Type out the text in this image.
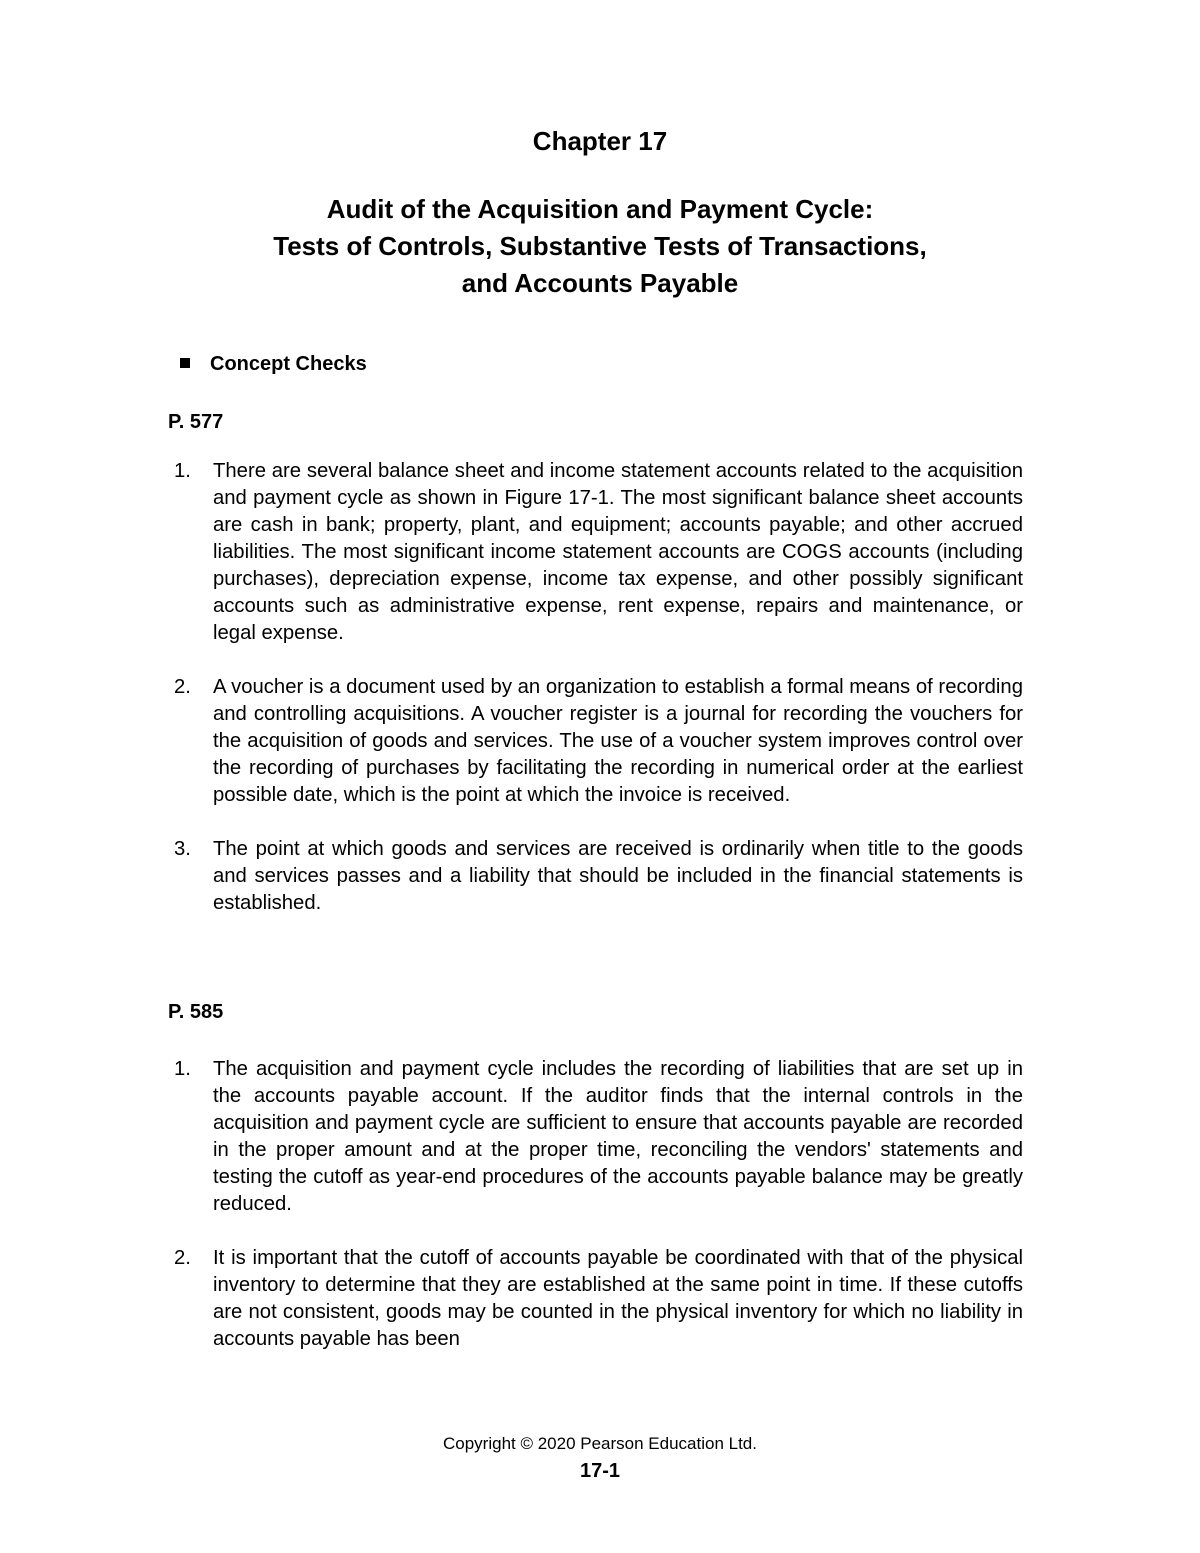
Chapter 17
Audit of the Acquisition and Payment Cycle:
Tests of Controls, Substantive Tests of Transactions,
and Accounts Payable
Concept Checks
P. 577
1. There are several balance sheet and income statement accounts related to the acquisition and payment cycle as shown in Figure 17-1. The most significant balance sheet accounts are cash in bank; property, plant, and equipment; accounts payable; and other accrued liabilities. The most significant income statement accounts are COGS accounts (including purchases), depreciation expense, income tax expense, and other possibly significant accounts such as administrative expense, rent expense, repairs and maintenance, or legal expense.
2. A voucher is a document used by an organization to establish a formal means of recording and controlling acquisitions. A voucher register is a journal for recording the vouchers for the acquisition of goods and services. The use of a voucher system improves control over the recording of purchases by facilitating the recording in numerical order at the earliest possible date, which is the point at which the invoice is received.
3. The point at which goods and services are received is ordinarily when title to the goods and services passes and a liability that should be included in the financial statements is established.
P. 585
1. The acquisition and payment cycle includes the recording of liabilities that are set up in the accounts payable account. If the auditor finds that the internal controls in the acquisition and payment cycle are sufficient to ensure that accounts payable are recorded in the proper amount and at the proper time, reconciling the vendors' statements and testing the cutoff as year-end procedures of the accounts payable balance may be greatly reduced.
2. It is important that the cutoff of accounts payable be coordinated with that of the physical inventory to determine that they are established at the same point in time. If these cutoffs are not consistent, goods may be counted in the physical inventory for which no liability in accounts payable has been
Copyright © 2020 Pearson Education Ltd.
17-1
